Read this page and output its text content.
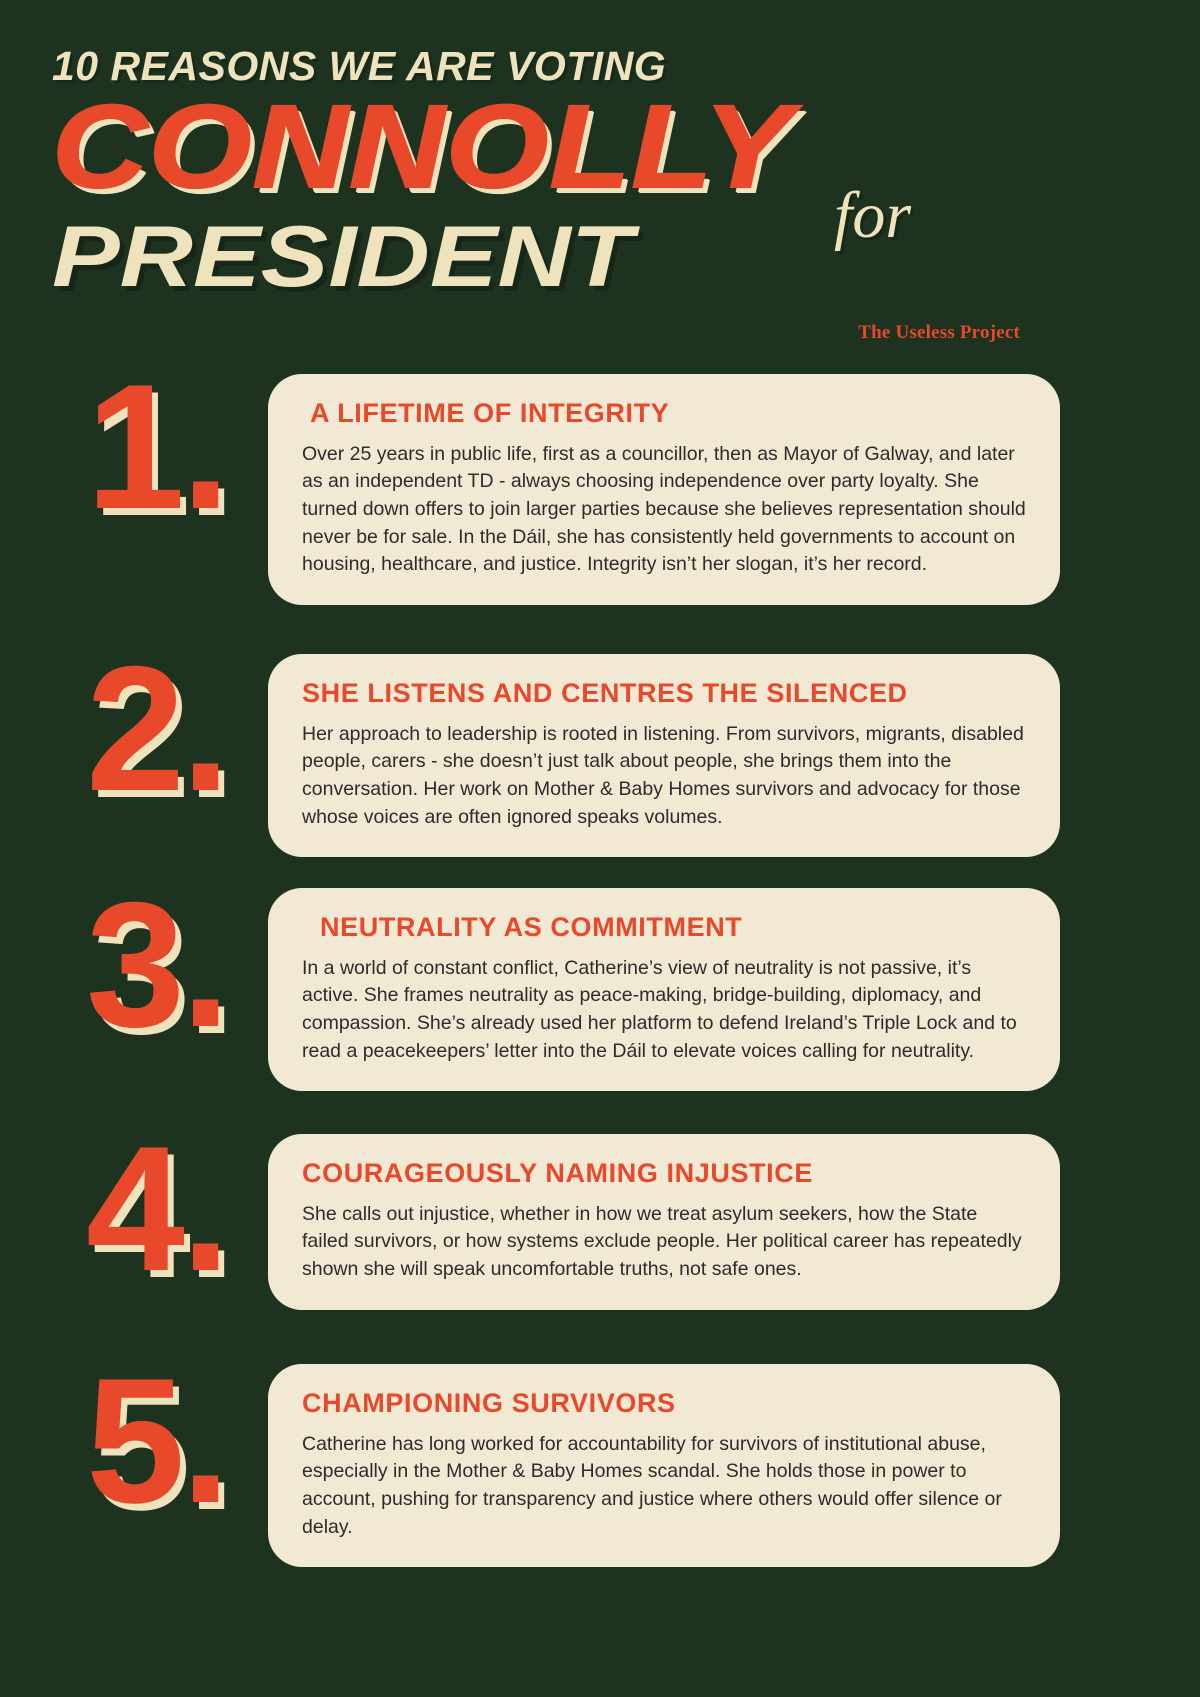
10 REASONS WE ARE VOTING
CONNOLLY
PRESIDENT	for
The Useless Project
1.	A LIFETIME OF INTEGRITY
Over 25 years in public life, first as a councillor, then as Mayor of Galway, and later as an independent TD - always choosing independence over party loyalty. She turned down offers to join larger parties because she believes representation should never be for sale. In the Dáil, she has consistently held governments to account on housing, healthcare, and justice. Integrity isn’t her slogan, it’s her record.
2.	SHE LISTENS AND CENTRES THE SILENCED
Her approach to leadership is rooted in listening. From survivors, migrants, disabled people, carers - she doesn’t just talk about people, she brings them into the conversation. Her work on Mother & Baby Homes survivors and advocacy for those whose voices are often ignored speaks volumes.
3.	NEUTRALITY AS COMMITMENT
In a world of constant conflict, Catherine’s view of neutrality is not passive, it’s active. She frames neutrality as peace-making, bridge-building, diplomacy, and compassion. She’s already used her platform to defend Ireland’s Triple Lock and to read a peacekeepers’ letter into the Dáil to elevate voices calling for neutrality.
4.	COURAGEOUSLY NAMING INJUSTICE
She calls out injustice, whether in how we treat asylum seekers, how the State failed survivors, or how systems exclude people. Her political career has repeatedly shown she will speak uncomfortable truths, not safe ones.
5.	CHAMPIONING SURVIVORS
Catherine has long worked for accountability for survivors of institutional abuse, especially in the Mother & Baby Homes scandal. She holds those in power to account, pushing for transparency and justice where others would offer silence or delay.
